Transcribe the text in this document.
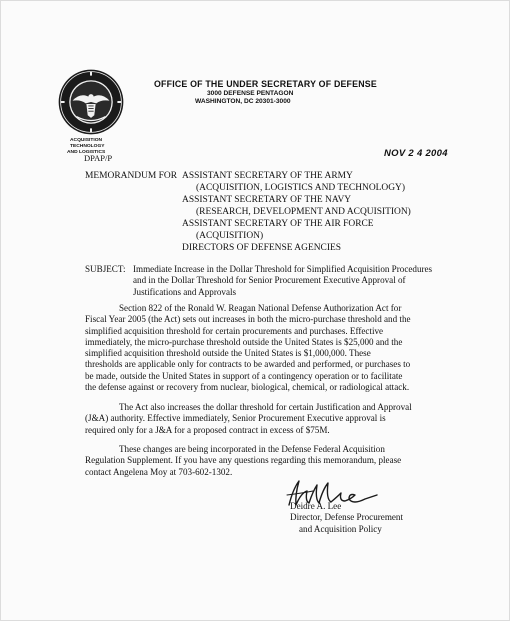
OFFICE OF THE UNDER SECRETARY OF DEFENSE
3000 DEFENSE PENTAGON
WASHINGTON, DC 20301-3000
ACQUISITION
TECHNOLOGY
AND LOGISTICS
DPAP/P	NOV 2 4 2004
MEMORANDUM FOR ASSISTANT SECRETARY OF THE ARMY
(ACQUISITION, LOGISTICS AND TECHNOLOGY)
ASSISTANT SECRETARY OF THE NAVY
(RESEARCH, DEVELOPMENT AND ACQUISITION)
ASSISTANT SECRETARY OF THE AIR FORCE
(ACQUISITION)
DIRECTORS OF DEFENSE AGENCIES
SUBJECT: Immediate Increase in the Dollar Threshold for Simplified Acquisition Procedures and in the Dollar Threshold for Senior Procurement Executive Approval of Justifications and Approvals
Section 822 of the Ronald W. Reagan National Defense Authorization Act for
Fiscal Year 2005 (the Act) sets out increases in both the micro-purchase threshold and the
simplified acquisition threshold for certain procurements and purchases. Effective
immediately, the micro-purchase threshold outside the United States is $25,000 and the
simplified acquisition threshold outside the United States is $1,000,000. These
thresholds are applicable only for contracts to be awarded and performed, or purchases to
be made, outside the United States in support of a contingency operation or to facilitate
the defense against or recovery from nuclear, biological, chemical, or radiological attack.
The Act also increases the dollar threshold for certain Justification and Approval
(J&A) authority. Effective immediately, Senior Procurement Executive approval is
required only for a J&A for a proposed contract in excess of $75M.
These changes are being incorporated in the Defense Federal Acquisition
Regulation Supplement. If you have any questions regarding this memorandum, please
contact Angelena Moy at 703-602-1302.
Deidre A. Lee
Director, Defense Procurement
and Acquisition Policy
